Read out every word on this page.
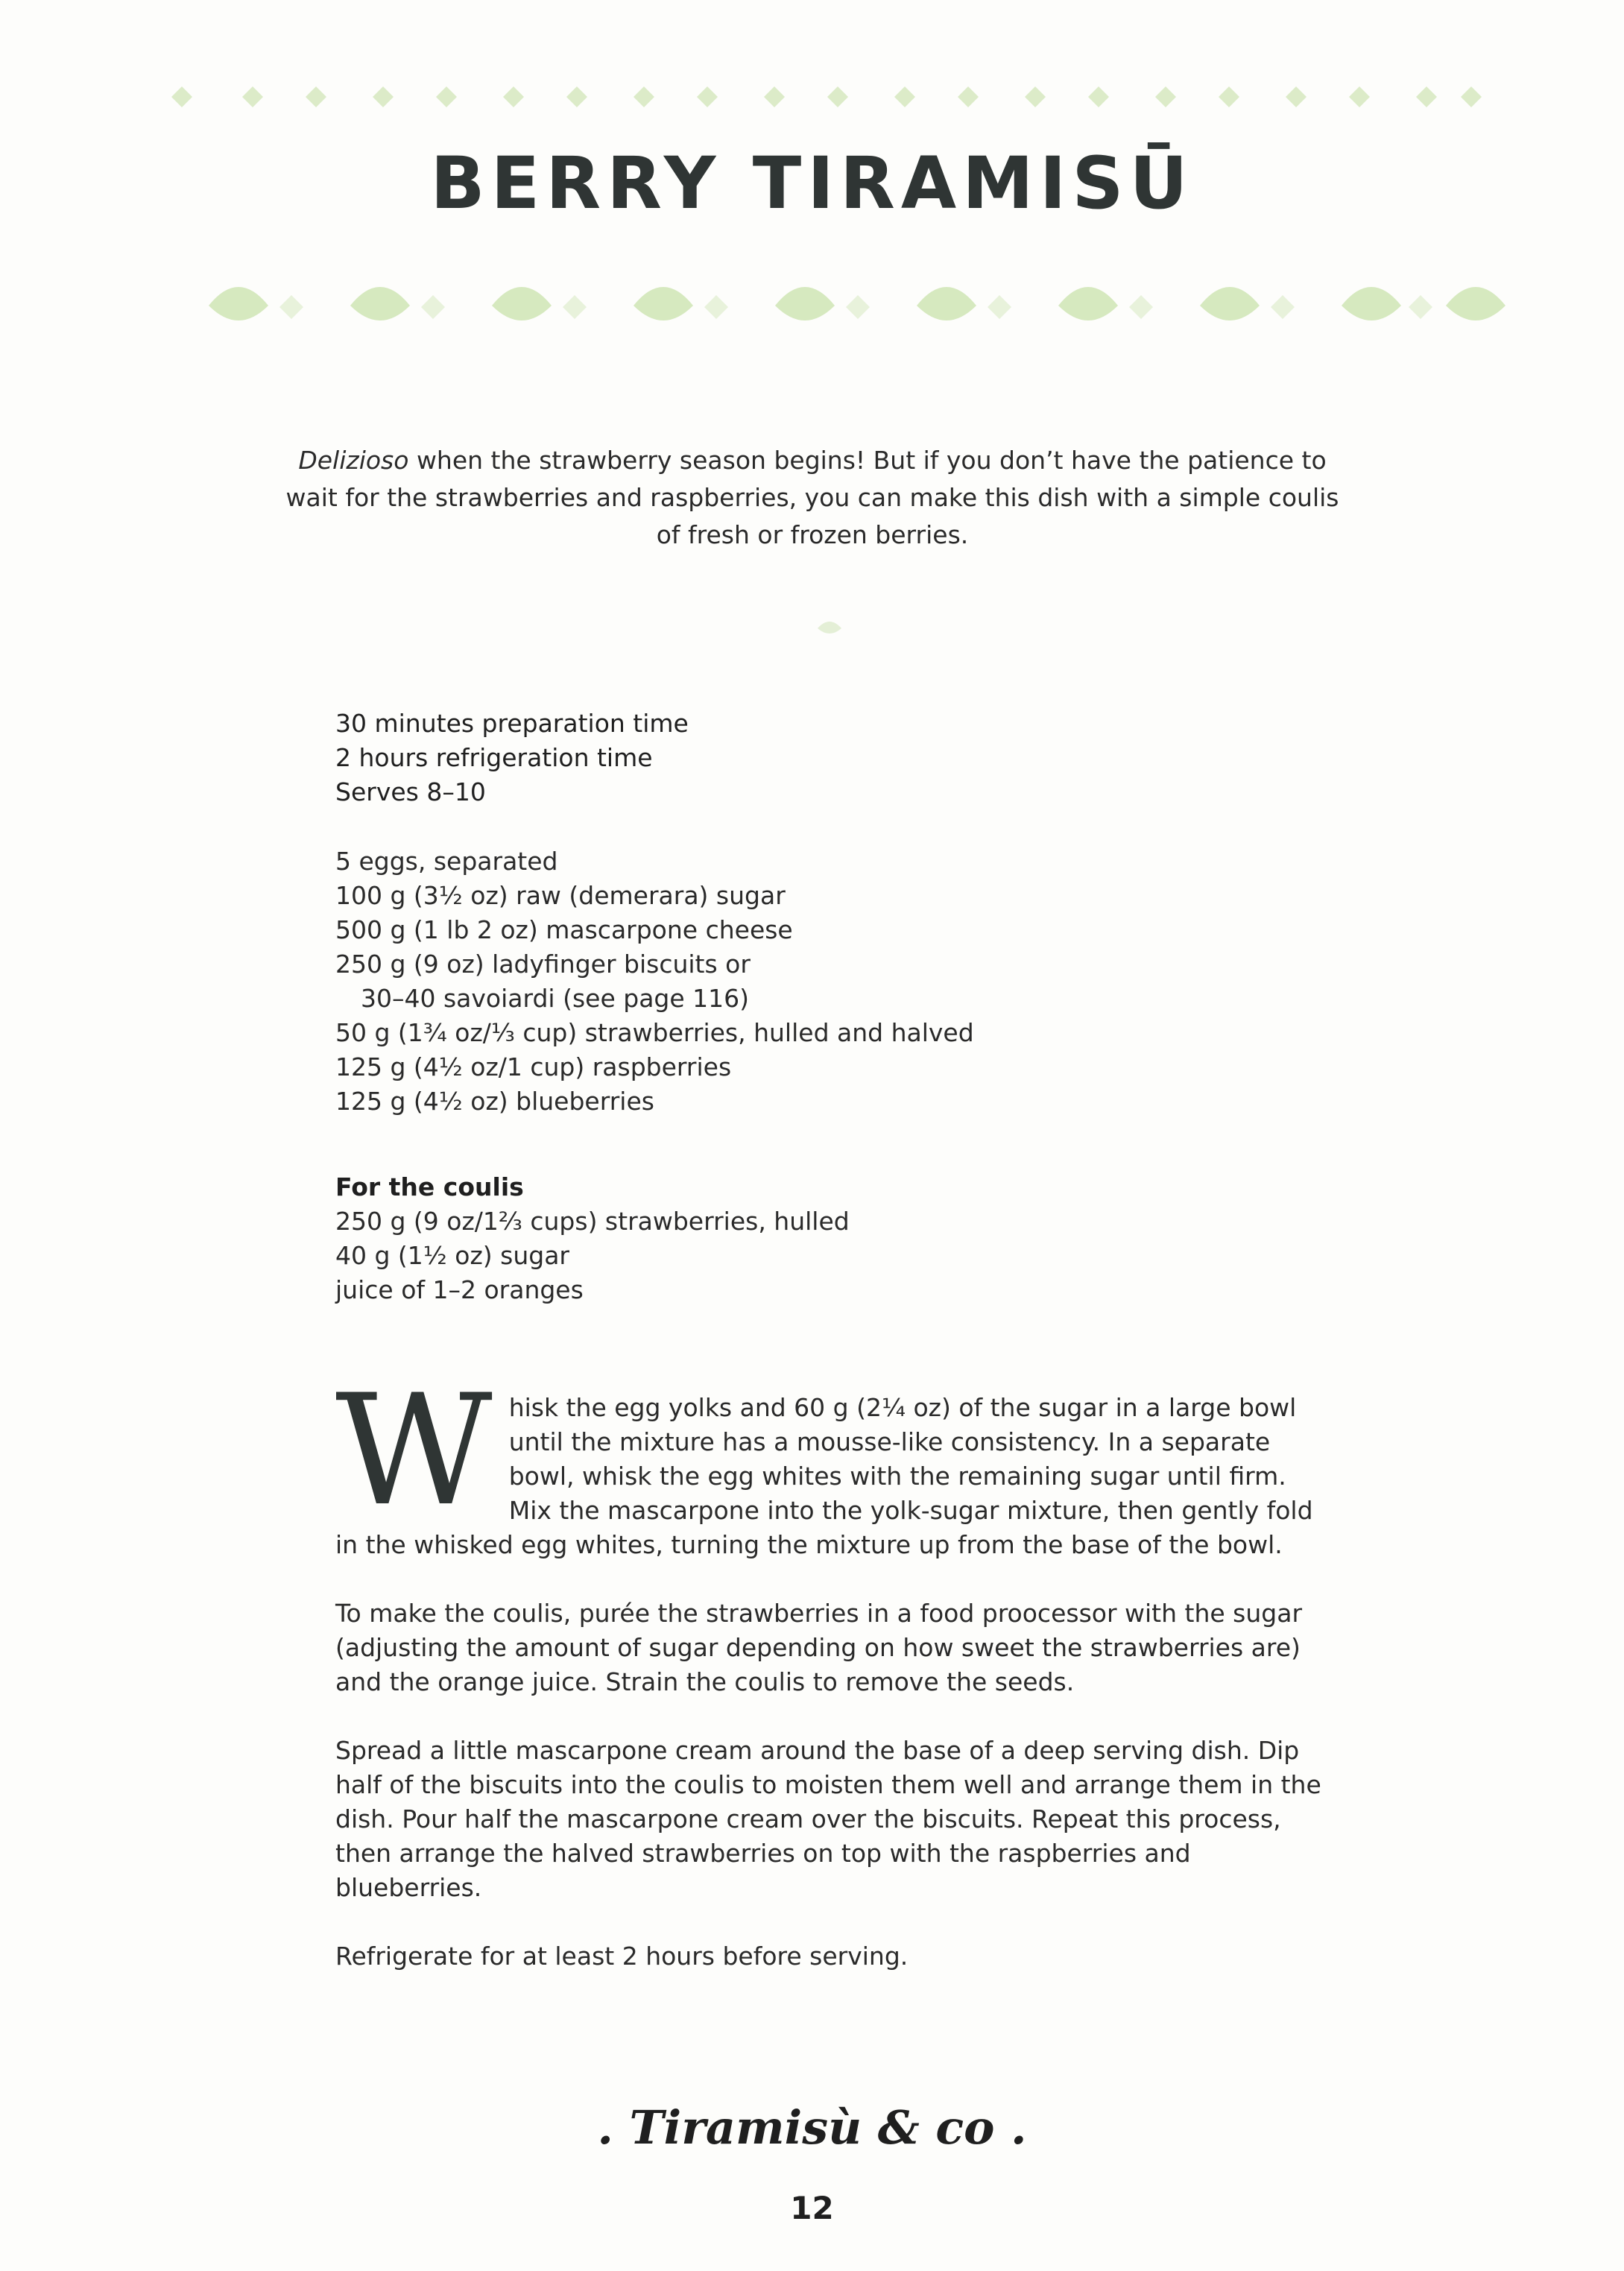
BERRY TIRAMISŪ

Delizioso when the strawberry season begins! But if you don’t have the patience to wait for the strawberries and raspberries, you can make this dish with a simple coulis of fresh or frozen berries.

30 minutes preparation time
2 hours refrigeration time
Serves 8–10
5 eggs, separated
100 g (3½ oz) raw (demerara) sugar
500 g (1 lb 2 oz) mascarpone cheese
250 g (9 oz) ladyfinger biscuits or
30–40 savoiardi (see page 116)
50 g (1¾ oz/⅓ cup) strawberries, hulled and halved
125 g (4½ oz/1 cup) raspberries
125 g (4½ oz) blueberries
For the coulis
250 g (9 oz/1⅔ cups) strawberries, hulled
40 g (1½ oz) sugar
juice of 1–2 oranges

Whisk the egg yolks and 60 g (2¼ oz) of the sugar in a large bowl until the mixture has a mousse-like consistency. In a separate bowl, whisk the egg whites with the remaining sugar until firm. Mix the mascarpone into the yolk-sugar mixture, then gently fold in the whisked egg whites, turning the mixture up from the base of the bowl.

To make the coulis, purée the strawberries in a food proocessor with the sugar (adjusting the amount of sugar depending on how sweet the strawberries are) and the orange juice. Strain the coulis to remove the seeds.

Spread a little mascarpone cream around the base of a deep serving dish. Dip half of the biscuits into the coulis to moisten them well and arrange them in the dish. Pour half the mascarpone cream over the biscuits. Repeat this process, then arrange the halved strawberries on top with the raspberries and blueberries.

Refrigerate for at least 2 hours before serving.

. Tiramisù & co .
12
